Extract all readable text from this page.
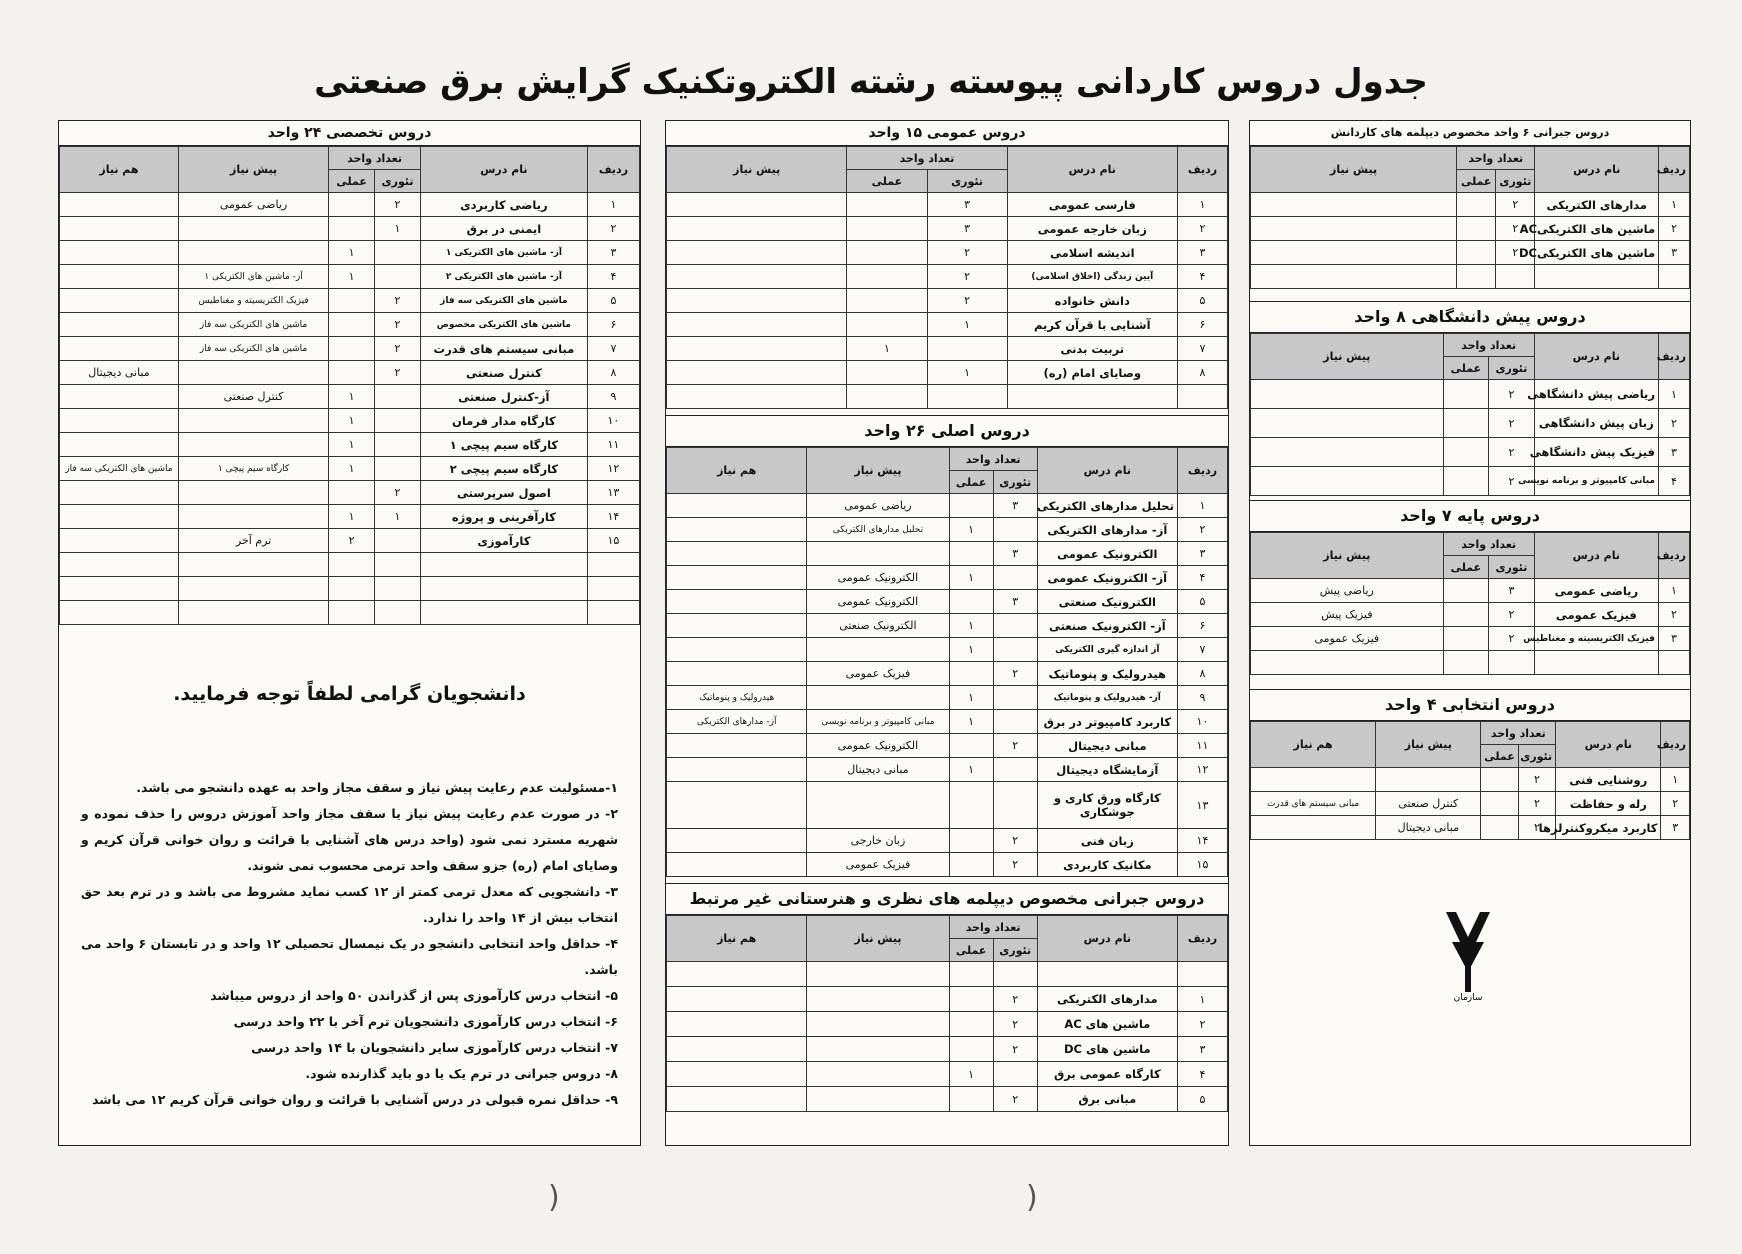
جدول دروس کاردانی پیوسته رشته الکتروتکنیک گرایش برق صنعتی
دروس جبرانی ۶ واحد مخصوص دیپلمه های کاردانش
ردیف	نام درس	تعداد واحد		پیش نیاز
		تئوری	عملی	
۱	مدارهای الکتریکی	۲		
۲	ماشین های الکتریکیAC	۲		
۳	ماشین های الکتریکیDC	۲		

دروس پیش دانشگاهی ۸ واحد
ردیف	نام درس	تعداد واحد		پیش نیاز
		تئوری	عملی	
۱	ریاضی پیش دانشگاهی	۲		
۲	زبان پیش دانشگاهی	۲		
۳	فیزیک پیش دانشگاهی	۲		
۴	مبانی کامپیوتر و برنامه نویسی	۲		
دروس پایه ۷ واحد
ردیف	نام درس	تعداد واحد		پیش نیاز
		تئوری	عملی	
۱	ریاضی عمومی	۳		ریاضی پیش
۲	فیزیک عمومی	۲		فیزیک پیش
۳	فیزیک الکتریسیته و مغناطیس	۲		فیزیک عمومی

دروس انتخابی ۴ واحد
ردیف	نام درس	تعداد واحد		پیش نیاز	هم نیاز
		تئوری	عملی		
۱	روشنایی فنی	۲			
۲	رله و حفاظت	۲		کنترل صنعتی	مبانی سیستم های قدرت
۳	کاربرد میکروکنترلرها	۲		مبانی دیجیتال	
دروس عمومی ۱۵ واحد
ردیف	نام درس	تعداد واحد		پیش نیاز
		تئوری	عملی	
۱	فارسی عمومی	۳		
۲	زبان خارجه عمومی	۳		
۳	اندیشه اسلامی	۲		
۴	آیین زندگی (اخلاق اسلامی)	۲		
۵	دانش خانواده	۲		
۶	آشنایی با قرآن کریم	۱		
۷	تربیت بدنی		۱	
۸	وصایای امام (ره)	۱		

دروس اصلی ۲۶ واحد
ردیف	نام درس	تعداد واحد		پیش نیاز	هم نیاز
		تئوری	عملی		
۱	تحلیل مدارهای الکتریکی	۳		ریاضی عمومی	
۲	آز- مدارهای الکتریکی		۱	تحلیل مدارهای الکتریکی	
۳	الکترونیک عمومی	۳			
۴	آز- الکترونیک عمومی		۱	الکترونیک عمومی	
۵	الکترونیک صنعتی	۳		الکترونیک عمومی	
۶	آز- الکترونیک صنعتی		۱	الکترونیک صنعتی	
۷	آز اندازه گیری الکتریکی		۱		
۸	هیدرولیک و پنوماتیک	۲		فیزیک عمومی	
۹	آز- هیدرولیک و پنوماتیک		۱		هیدرولیک و پنوماتیک
۱۰	کاربرد کامپیوتر در برق		۱	مبانی کامپیوتر و برنامه نویسی	آز- مدارهای الکتریکی
۱۱	مبانی دیجیتال	۲		الکترونیک عمومی	
۱۲	آزمایشگاه دیجیتال		۱	مبانی دیجیتال	
۱۳	کارگاه ورق کاری و جوشکاری				
۱۴	زبان فنی	۲		زبان خارجی	
۱۵	مکانیک کاربردی	۲		فیزیک عمومی	
دروس جبرانی مخصوص دیپلمه های نظری و هنرستانی غیر مرتبط
ردیف	نام درس	تعداد واحد		پیش نیاز	هم نیاز
		تئوری	عملی		

۱	مدارهای الکتریکی	۲			
۲	ماشین های AC	۲			
۳	ماشین های DC	۲			
۴	کارگاه عمومی برق		۱		
۵	مبانی برق	۲			
دروس تخصصی ۲۴ واحد
ردیف	نام درس	تعداد واحد		پیش نیاز	هم نیاز
		تئوری	عملی		
۱	ریاضی کاربردی	۲		ریاضی عمومی	
۲	ایمنی در برق	۱			
۳	آز- ماشین های الکتریکی ۱		۱		
۴	آز- ماشین های الکتریکی ۲		۱	آز- ماشین های الکتریکی ۱	
۵	ماشین های الکتریکی سه فاز	۲		فیزیک الکتریسیته و مغناطیس	
۶	ماشین های الکتریکی مخصوص	۲		ماشین های الکتریکی سه فاز	
۷	مبانی سیستم های قدرت	۲		ماشین های الکتریکی سه فاز	
۸	کنترل صنعتی	۲			مبانی دیجیتال
۹	آز-کنترل صنعتی		۱	کنترل صنعتی	
۱۰	کارگاه مدار فرمان		۱		
۱۱	کارگاه سیم پیچی ۱		۱		
۱۲	کارگاه سیم پیچی ۲		۱	کارگاه سیم پیچی ۱	ماشین های الکتریکی سه فاز
۱۳	اصول سرپرستی	۲			
۱۴	کارآفرینی و پروژه	۱	۱		
۱۵	کارآموزی		۲	ترم آخر	

دانشجویان گرامی لطفاً توجه فرمایید.
۱-مسئولیت عدم رعایت پیش نیاز و سقف مجاز واحد به عهده دانشجو می باشد.
۲- در صورت عدم رعایت پیش نیاز یا سقف مجاز واحد آموزش دروس را حذف نموده و شهریه مسترد نمی شود (واحد درس های آشنایی با قرائت و روان خوانی قرآن کریم و وصایای امام (ره) جزو سقف واحد ترمی محسوب نمی شوند.
۳- دانشجویی که معدل ترمی کمتر از ۱۲ کسب نماید مشروط می باشد و در ترم بعد حق انتخاب بیش از ۱۴ واحد را ندارد.
۴- حداقل واحد انتخابی دانشجو در یک نیمسال تحصیلی ۱۲ واحد و در تابستان ۶ واحد می باشد.
۵- انتخاب درس کارآموزی پس از گذراندن ۵۰ واحد از دروس میباشد
۶- انتخاب درس کارآموزی دانشجویان ترم آخر با ۲۲ واحد درسی
۷- انتخاب درس کارآموزی سایر دانشجویان با ۱۴ واحد درسی
۸- دروس جبرانی در ترم یک یا دو باید گذارنده شود.
۹- حداقل نمره قبولی در درس آشنایی با قرائت و روان خوانی قرآن کریم ۱۲ می باشد
سازمان
(	(
